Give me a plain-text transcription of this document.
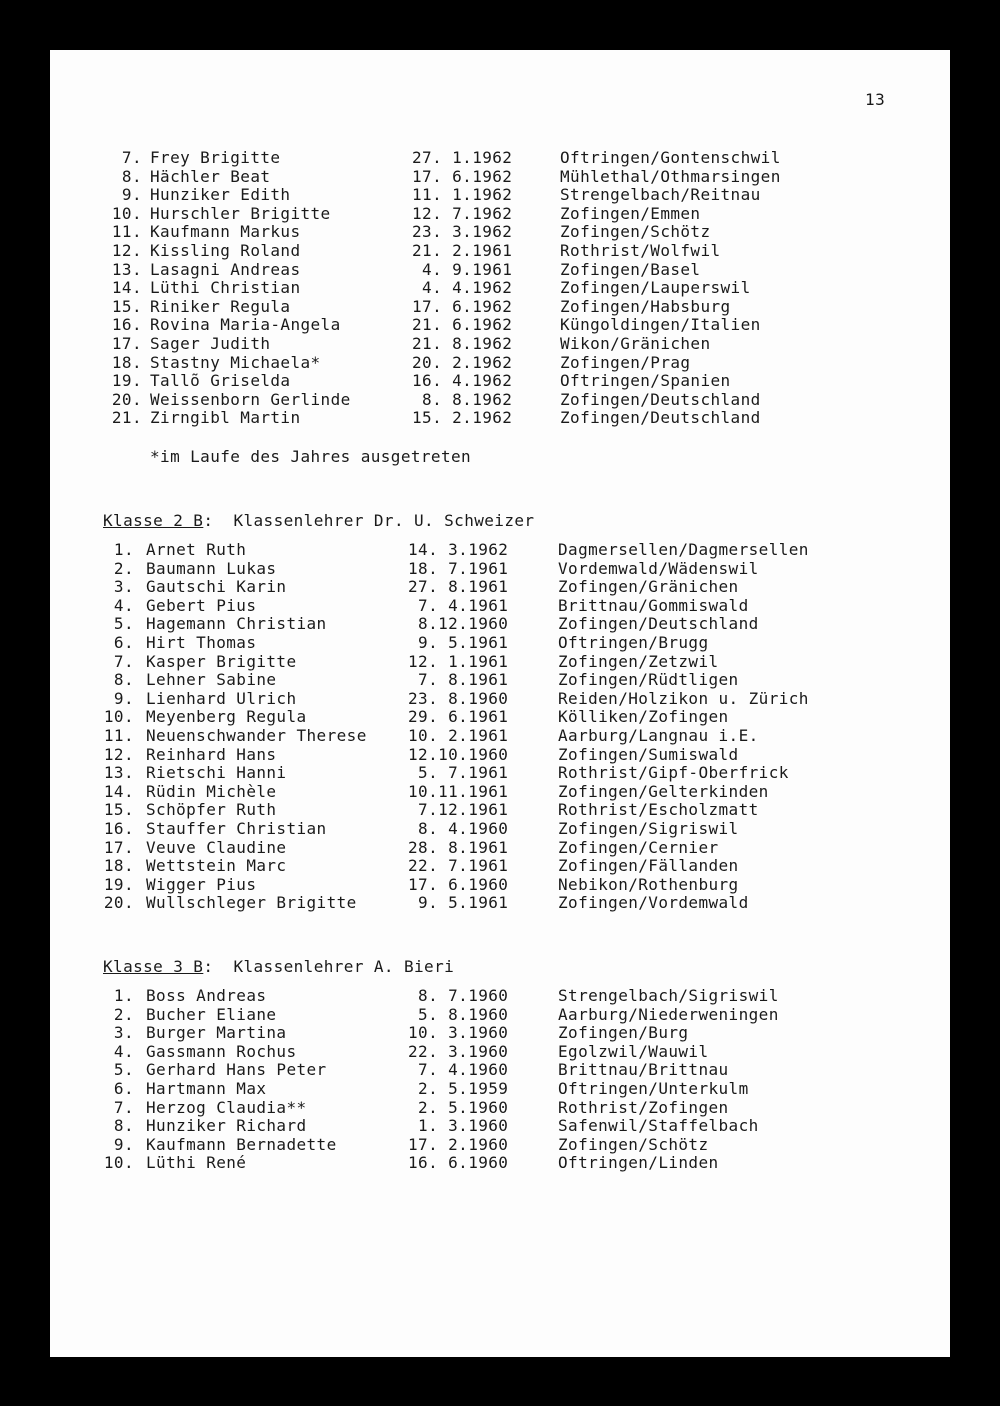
13
7. Frey Brigitte	27. 1.1962	Oftringen/Gontenschwil
8. Hächler Beat	17. 6.1962	Mühlethal/Othmarsingen
9. Hunziker Edith	11. 1.1962	Strengelbach/Reitnau
10. Hurschler Brigitte	12. 7.1962	Zofingen/Emmen
11. Kaufmann Markus	23. 3.1962	Zofingen/Schötz
12. Kissling Roland	21. 2.1961	Rothrist/Wolfwil
13. Lasagni Andreas	4. 9.1961	Zofingen/Basel
14. Lüthi Christian	4. 4.1962	Zofingen/Lauperswil
15. Riniker Regula	17. 6.1962	Zofingen/Habsburg
16. Rovina Maria-Angela	21. 6.1962	Küngoldingen/Italien
17. Sager Judith	21. 8.1962	Wikon/Gränichen
18. Stastny Michaela*	20. 2.1962	Zofingen/Prag
19. Tallõ Griselda	16. 4.1962	Oftringen/Spanien
20. Weissenborn Gerlinde	8. 8.1962	Zofingen/Deutschland
21. Zirngibl Martin	15. 2.1962	Zofingen/Deutschland
*im Laufe des Jahres ausgetreten
Klasse 2 B:  Klassenlehrer Dr. U. Schweizer
1. Arnet Ruth	14. 3.1962	Dagmersellen/Dagmersellen
2. Baumann Lukas	18. 7.1961	Vordemwald/Wädenswil
3. Gautschi Karin	27. 8.1961	Zofingen/Gränichen
4. Gebert Pius	7. 4.1961	Brittnau/Gommiswald
5. Hagemann Christian	8.12.1960	Zofingen/Deutschland
6. Hirt Thomas	9. 5.1961	Oftringen/Brugg
7. Kasper Brigitte	12. 1.1961	Zofingen/Zetzwil
8. Lehner Sabine	7. 8.1961	Zofingen/Rüdtligen
9. Lienhard Ulrich	23. 8.1960	Reiden/Holzikon u. Zürich
10. Meyenberg Regula	29. 6.1961	Kölliken/Zofingen
11. Neuenschwander Therese	10. 2.1961	Aarburg/Langnau i.E.
12. Reinhard Hans	12.10.1960	Zofingen/Sumiswald
13. Rietschi Hanni	5. 7.1961	Rothrist/Gipf-Oberfrick
14. Rüdin Michèle	10.11.1961	Zofingen/Gelterkinden
15. Schöpfer Ruth	7.12.1961	Rothrist/Escholzmatt
16. Stauffer Christian	8. 4.1960	Zofingen/Sigriswil
17. Veuve Claudine	28. 8.1961	Zofingen/Cernier
18. Wettstein Marc	22. 7.1961	Zofingen/Fällanden
19. Wigger Pius	17. 6.1960	Nebikon/Rothenburg
20. Wullschleger Brigitte	9. 5.1961	Zofingen/Vordemwald
Klasse 3 B:  Klassenlehrer A. Bieri
1. Boss Andreas	8. 7.1960	Strengelbach/Sigriswil
2. Bucher Eliane	5. 8.1960	Aarburg/Niederweningen
3. Burger Martina	10. 3.1960	Zofingen/Burg
4. Gassmann Rochus	22. 3.1960	Egolzwil/Wauwil
5. Gerhard Hans Peter	7. 4.1960	Brittnau/Brittnau
6. Hartmann Max	2. 5.1959	Oftringen/Unterkulm
7. Herzog Claudia**	2. 5.1960	Rothrist/Zofingen
8. Hunziker Richard	1. 3.1960	Safenwil/Staffelbach
9. Kaufmann Bernadette	17. 2.1960	Zofingen/Schötz
10. Lüthi René	16. 6.1960	Oftringen/Linden
